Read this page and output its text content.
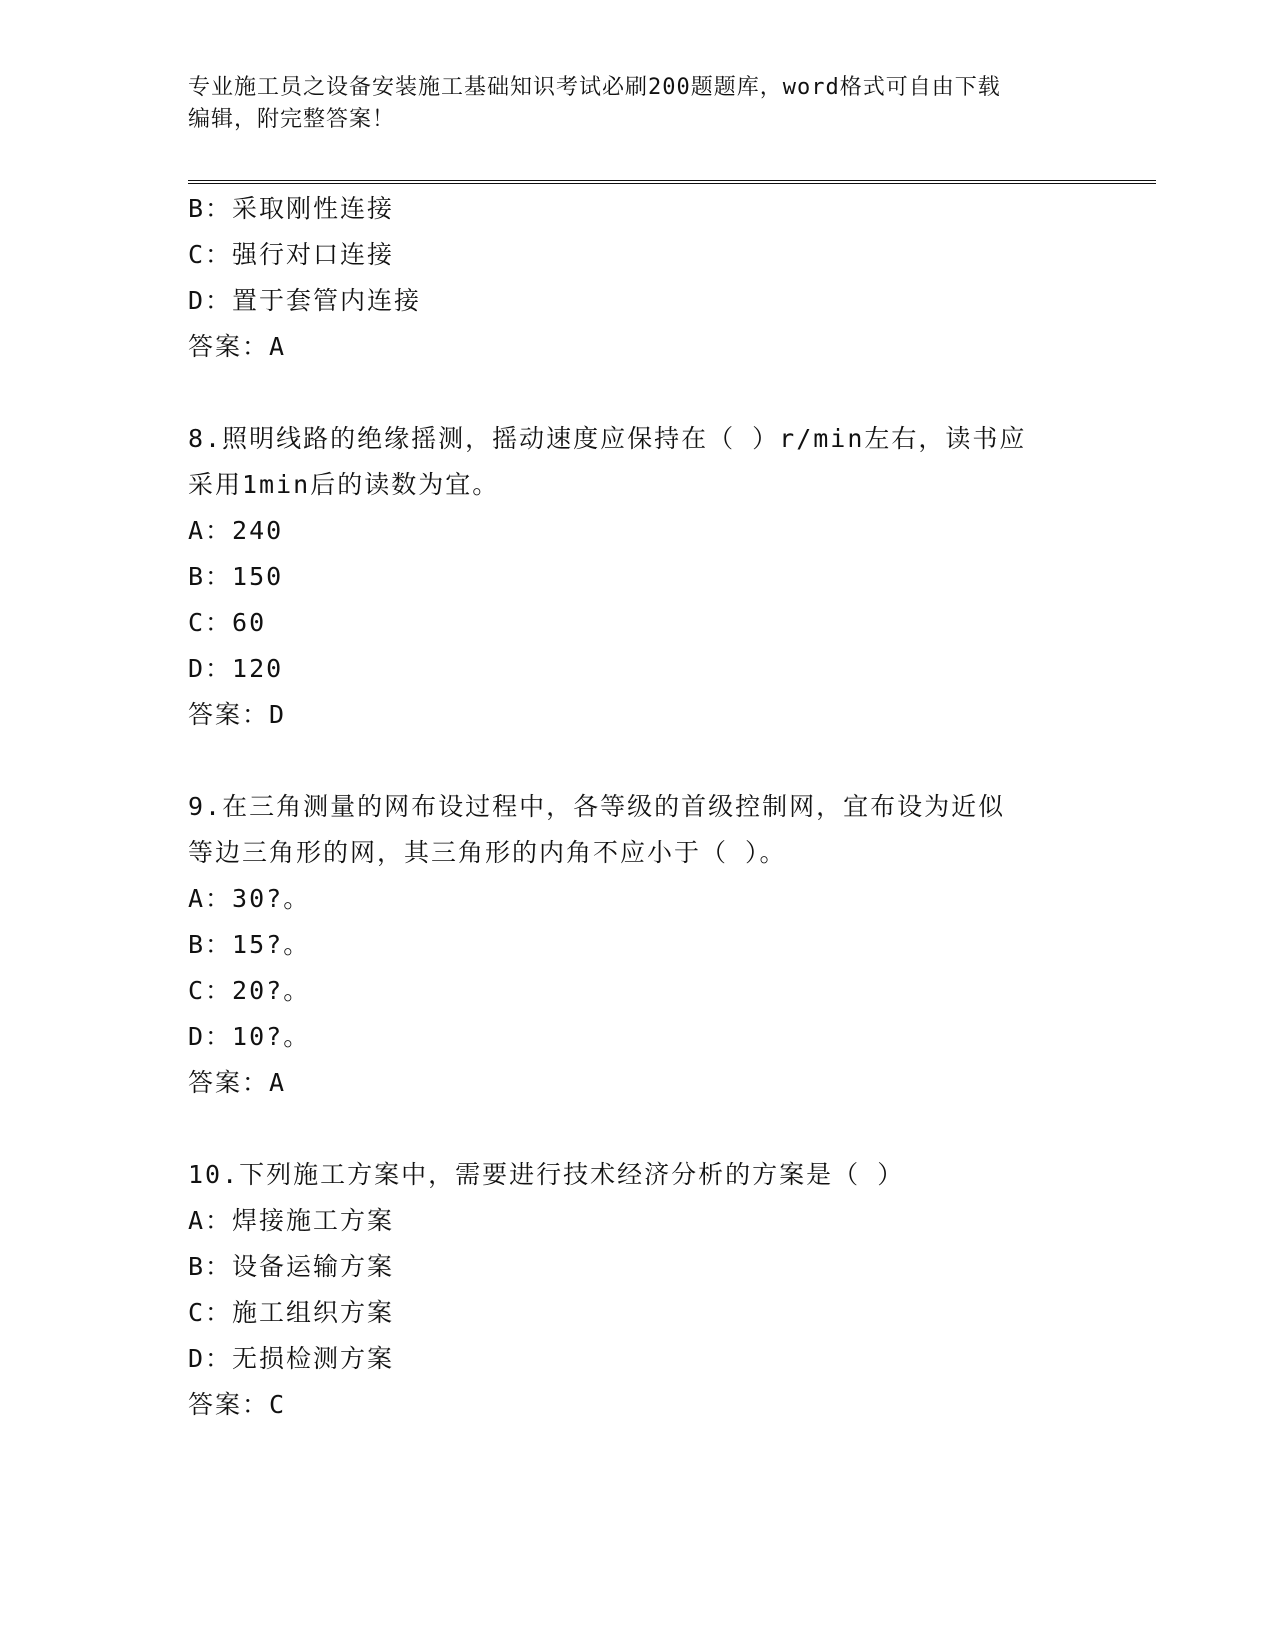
专业施工员之设备安装施工基础知识考试必刷200题题库，word格式可自由下载
编辑，附完整答案！
B：采取刚性连接
C：强行对口连接
D：置于套管内连接
答案：A
8.照明线路的绝缘摇测，摇动速度应保持在（ ）r/min左右，读书应
采用1min后的读数为宜。
A：240
B：150
C：60
D：120
答案：D
9.在三角测量的网布设过程中，各等级的首级控制网，宜布设为近似
等边三角形的网，其三角形的内角不应小于（ ）。
A：30?。
B：15?。
C：20?。
D：10?。
答案：A
10.下列施工方案中，需要进行技术经济分析的方案是（ ）
A：焊接施工方案
B：设备运输方案
C：施工组织方案
D：无损检测方案
答案：C
